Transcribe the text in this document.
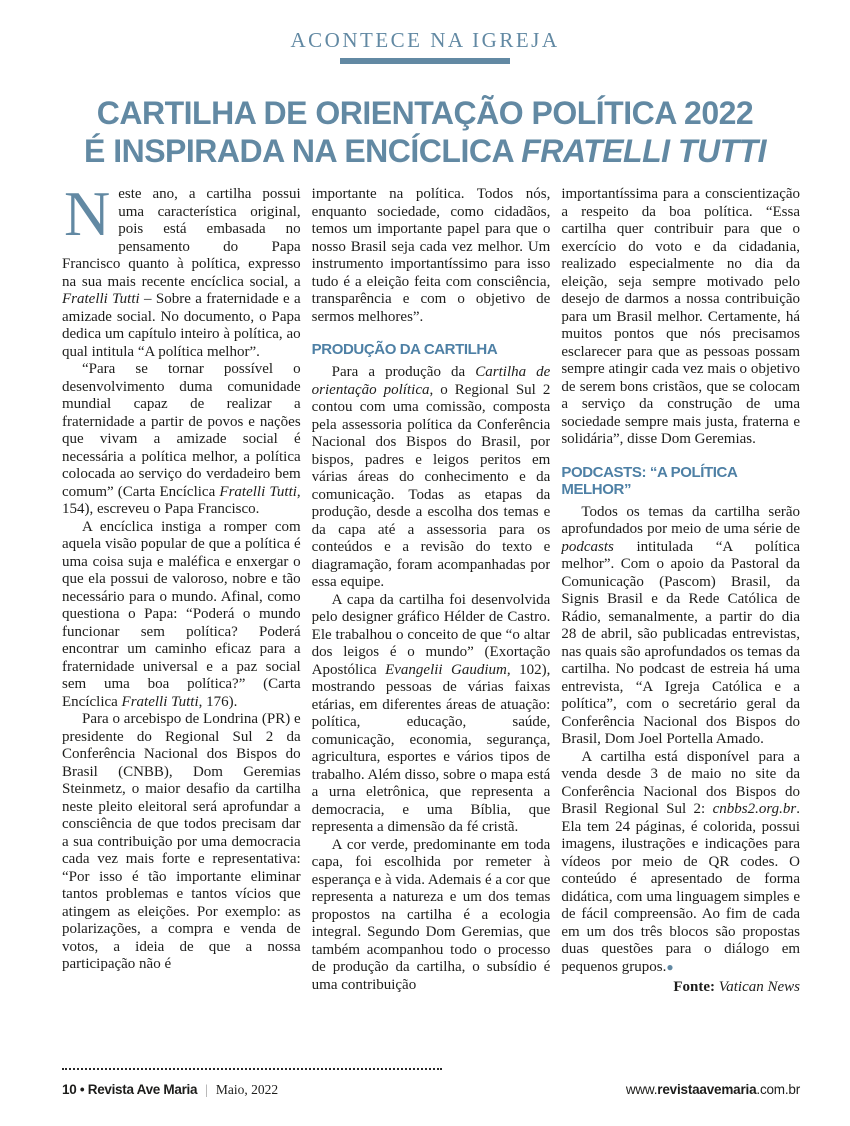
ACONTECE NA IGREJA
CARTILHA DE ORIENTAÇÃO POLÍTICA 2022
É INSPIRADA NA ENCÍCLICA FRATELLI TUTTI

Neste ano, a cartilha possui uma característica original, pois está embasada no pensamento do Papa Francisco quanto à política, expresso na sua mais recente encíclica social, a Fratelli Tutti – Sobre a fraternidade e a amizade social. No documento, o Papa dedica um capítulo inteiro à política, ao qual intitula “A política melhor”.

“Para se tornar possível o desenvolvimento duma comunidade mundial capaz de realizar a fraternidade a partir de povos e nações que vivam a amizade social é necessária a política melhor, a política colocada ao serviço do verdadeiro bem comum” (Carta Encíclica Fratelli Tutti, 154), escreveu o Papa Francisco.

A encíclica instiga a romper com aquela visão popular de que a política é uma coisa suja e maléfica e enxergar o que ela possui de valoroso, nobre e tão necessário para o mundo. Afinal, como questiona o Papa: “Poderá o mundo funcionar sem política? Poderá encontrar um caminho eficaz para a fraternidade universal e a paz social sem uma boa política?” (Carta Encíclica Fratelli Tutti, 176).

Para o arcebispo de Londrina (PR) e presidente do Regional Sul 2 da Conferência Nacional dos Bispos do Brasil (CNBB), Dom Geremias Steinmetz, o maior desafio da cartilha neste pleito eleitoral será aprofundar a consciência de que todos precisam dar a sua contribuição por uma democracia cada vez mais forte e representativa: “Por isso é tão importante eliminar tantos problemas e tantos vícios que atingem as eleições. Por exemplo: as polarizações, a compra e venda de votos, a ideia de que a nossa participação não é

importante na política. Todos nós, enquanto sociedade, como cidadãos, temos um importante papel para que o nosso Brasil seja cada vez melhor. Um instrumento importantíssimo para isso tudo é a eleição feita com consciência, transparência e com o objetivo de sermos melhores”.

PRODUÇÃO DA CARTILHA

Para a produção da Cartilha de orientação política, o Regional Sul 2 contou com uma comissão, composta pela assessoria política da Conferência Nacional dos Bispos do Brasil, por bispos, padres e leigos peritos em várias áreas do conhecimento e da comunicação. Todas as etapas da produção, desde a escolha dos temas e da capa até a assessoria para os conteúdos e a revisão do texto e diagramação, foram acompanhadas por essa equipe.

A capa da cartilha foi desenvolvida pelo designer gráfico Hélder de Castro. Ele trabalhou o conceito de que “o altar dos leigos é o mundo” (Exortação Apostólica Evangelii Gaudium, 102), mostrando pessoas de várias faixas etárias, em diferentes áreas de atuação: política, educação, saúde, comunicação, economia, segurança, agricultura, esportes e vários tipos de trabalho. Além disso, sobre o mapa está a urna eletrônica, que representa a democracia, e uma Bíblia, que representa a dimensão da fé cristã.

A cor verde, predominante em toda capa, foi escolhida por remeter à esperança e à vida. Ademais é a cor que representa a natureza e um dos temas propostos na cartilha é a ecologia integral. Segundo Dom Geremias, que também acompanhou todo o processo de produção da cartilha, o subsídio é uma contribuição

importantíssima para a conscientização a respeito da boa política. “Essa cartilha quer contribuir para que o exercício do voto e da cidadania, realizado especialmente no dia da eleição, seja sempre motivado pelo desejo de darmos a nossa contribuição para um Brasil melhor. Certamente, há muitos pontos que nós precisamos esclarecer para que as pessoas possam sempre atingir cada vez mais o objetivo de serem bons cristãos, que se colocam a serviço da construção de uma sociedade sempre mais justa, fraterna e solidária”, disse Dom Geremias.

PODCASTS: “A POLÍTICA MELHOR”

Todos os temas da cartilha serão aprofundados por meio de uma série de podcasts intitulada “A política melhor”. Com o apoio da Pastoral da Comunicação (Pascom) Brasil, da Signis Brasil e da Rede Católica de Rádio, semanalmente, a partir do dia 28 de abril, são publicadas entrevistas, nas quais são aprofundados os temas da cartilha. No podcast de estreia há uma entrevista, “A Igreja Católica e a política”, com o secretário geral da Conferência Nacional dos Bispos do Brasil, Dom Joel Portella Amado.

A cartilha está disponível para a venda desde 3 de maio no site da Conferência Nacional dos Bispos do Brasil Regional Sul 2: cnbbs2.org.br. Ela tem 24 páginas, é colorida, possui imagens, ilustrações e indicações para vídeos por meio de QR codes. O conteúdo é apresentado de forma didática, com uma linguagem simples e de fácil compreensão. Ao fim de cada em um dos três blocos são propostas duas questões para o diálogo em pequenos grupos.●

Fonte: Vatican News

10 • Revista Ave Maria | Maio, 2022	www.revistaavemaria.com.br
